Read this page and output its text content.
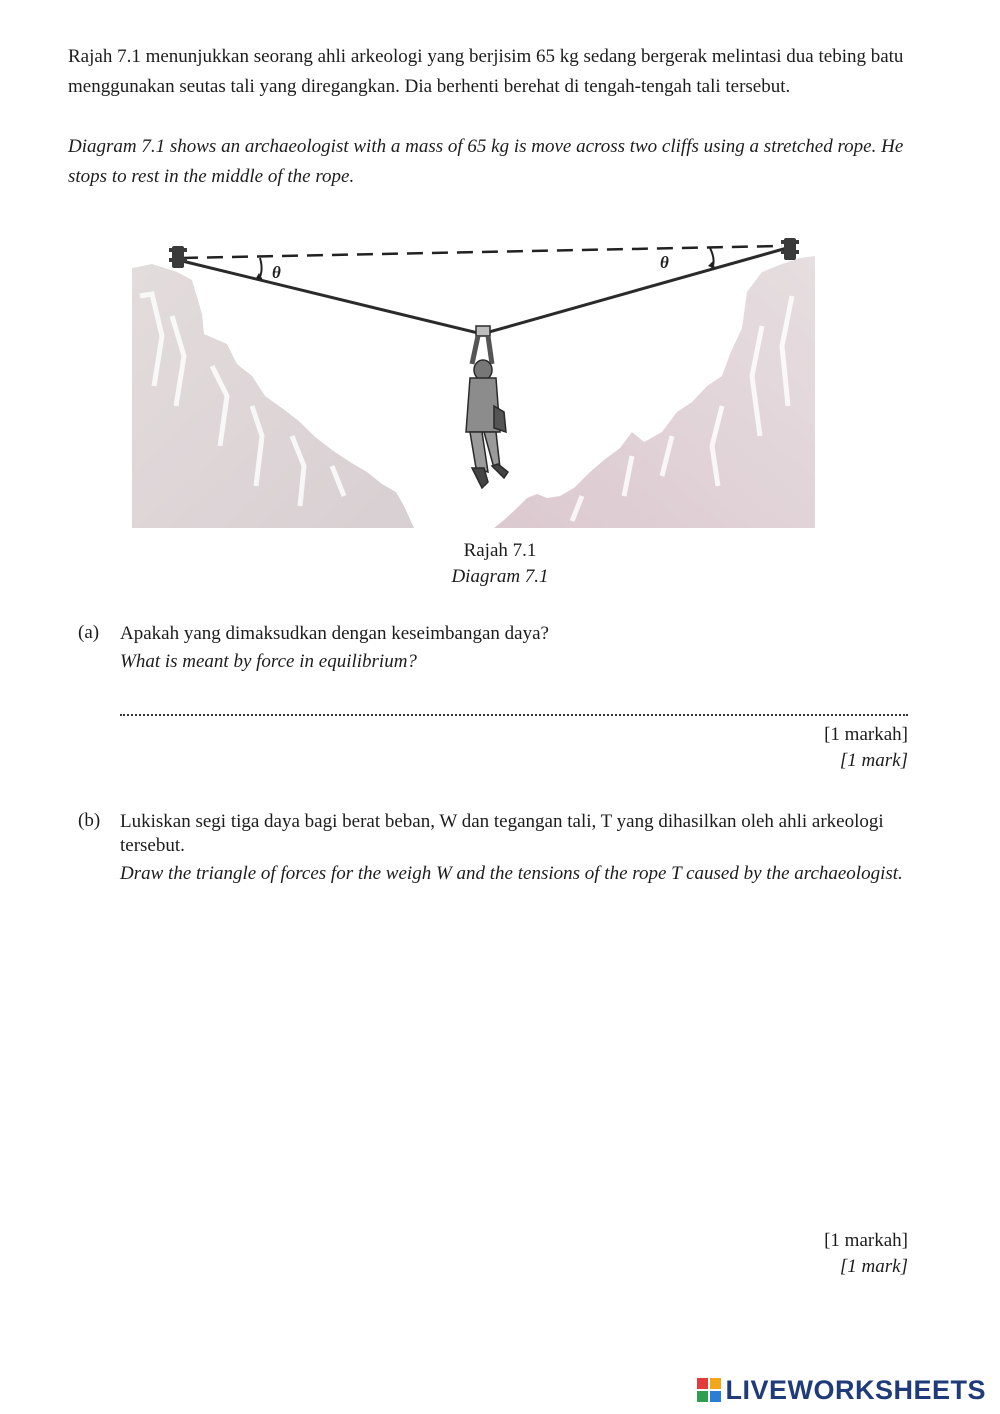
Rajah 7.1 menunjukkan seorang ahli arkeologi yang berjisim 65 kg sedang bergerak melintasi dua tebing batu menggunakan seutas tali yang diregangkan. Dia berhenti berehat di tengah-tengah tali tersebut.

Diagram 7.1 shows an archaeologist with a mass of 65 kg is move across two cliffs using a stretched rope. He stops to rest in the middle of the rope.

θ
θ
Rajah 7.1
Diagram 7.1
(a) Apakah yang dimaksudkan dengan keseimbangan daya?
What is meant by force in equilibrium?
[1 markah]
[1 mark]
(b) Lukiskan segi tiga daya bagi berat beban, W dan tegangan tali, T yang dihasilkan oleh ahli arkeologi tersebut.
Draw the triangle of forces for the weigh W and the tensions of the rope T caused by the archaeologist.
[1 markah]
[1 mark]
LIVEWORKSHEETS
